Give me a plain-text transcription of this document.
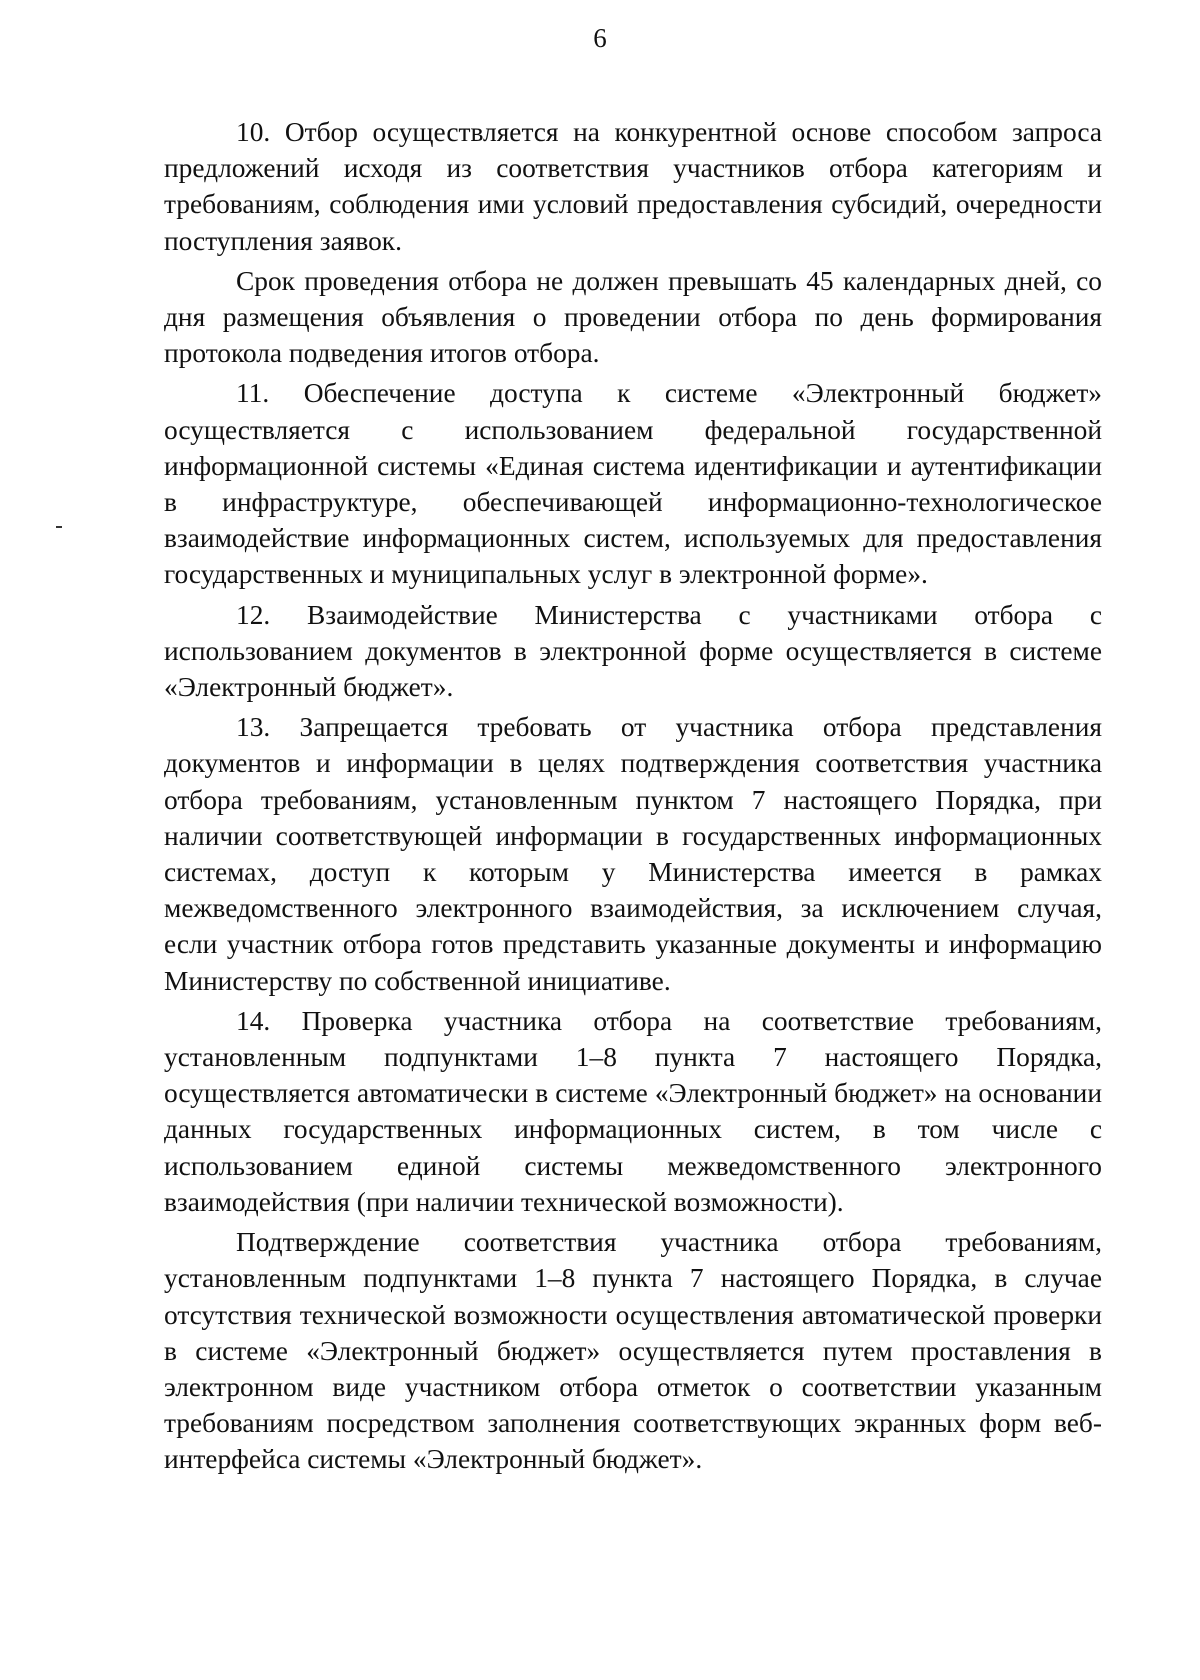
6

10. Отбор осуществляется на конкурентной основе способом запроса предложений исходя из соответствия участников отбора категориям и требованиям, соблюдения ими условий предоставления субсидий, очередности поступления заявок.

Срок проведения отбора не должен превышать 45 календарных дней, со дня размещения объявления о проведении отбора по день формирования протокола подведения итогов отбора.

11. Обеспечение доступа к системе «Электронный бюджет» осуществляется с использованием федеральной государственной информационной системы «Единая система идентификации и аутентификации в инфраструктуре, обеспечивающей информационно-технологическое взаимодействие информационных систем, используемых для предоставления государственных и муниципальных услуг в электронной форме».

12. Взаимодействие Министерства с участниками отбора с использованием документов в электронной форме осуществляется в системе «Электронный бюджет».

13. Запрещается требовать от участника отбора представления документов и информации в целях подтверждения соответствия участника отбора требованиям, установленным пунктом 7 настоящего Порядка, при наличии соответствующей информации в государственных информационных системах, доступ к которым у Министерства имеется в рамках межведомственного электронного взаимодействия, за исключением случая, если участник отбора готов представить указанные документы и информацию Министерству по собственной инициативе.

14. Проверка участника отбора на соответствие требованиям, установленным подпунктами 1–8 пункта 7 настоящего Порядка, осуществляется автоматически в системе «Электронный бюджет» на основании данных государственных информационных систем, в том числе с использованием единой системы межведомственного электронного взаимодействия (при наличии технической возможности).

Подтверждение соответствия участника отбора требованиям, установленным подпунктами 1–8 пункта 7 настоящего Порядка, в случае отсутствия технической возможности осуществления автоматической проверки в системе «Электронный бюджет» осуществляется путем проставления в электронном виде участником отбора отметок о соответствии указанным требованиям посредством заполнения соответствующих экранных форм веб-интерфейса системы «Электронный бюджет».
